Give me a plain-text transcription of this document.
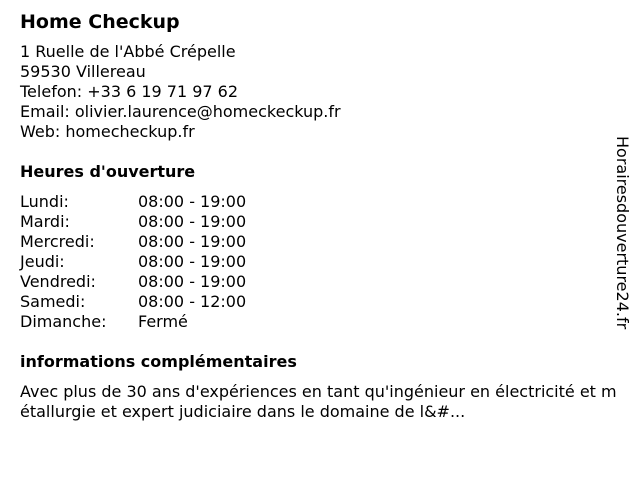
Home Checkup
1 Ruelle de l'Abbé Crépelle
59530 Villereau
Telefon: +33 6 19 71 97 62
Email: olivier.laurence@homeckeckup.fr
Web: homecheckup.fr
Heures d'ouverture
Lundi:	08:00 - 19:00
Mardi:	08:00 - 19:00
Mercredi:	08:00 - 19:00
Jeudi:	08:00 - 19:00
Vendredi:	08:00 - 19:00
Samedi:	08:00 - 12:00
Dimanche:	Fermé
informations complémentaires

Avec plus de 30 ans d'expériences en tant qu'ingénieur en électricité et métallurgie et expert judiciaire dans le domaine de l&#...

Horairesdouverture24.fr
